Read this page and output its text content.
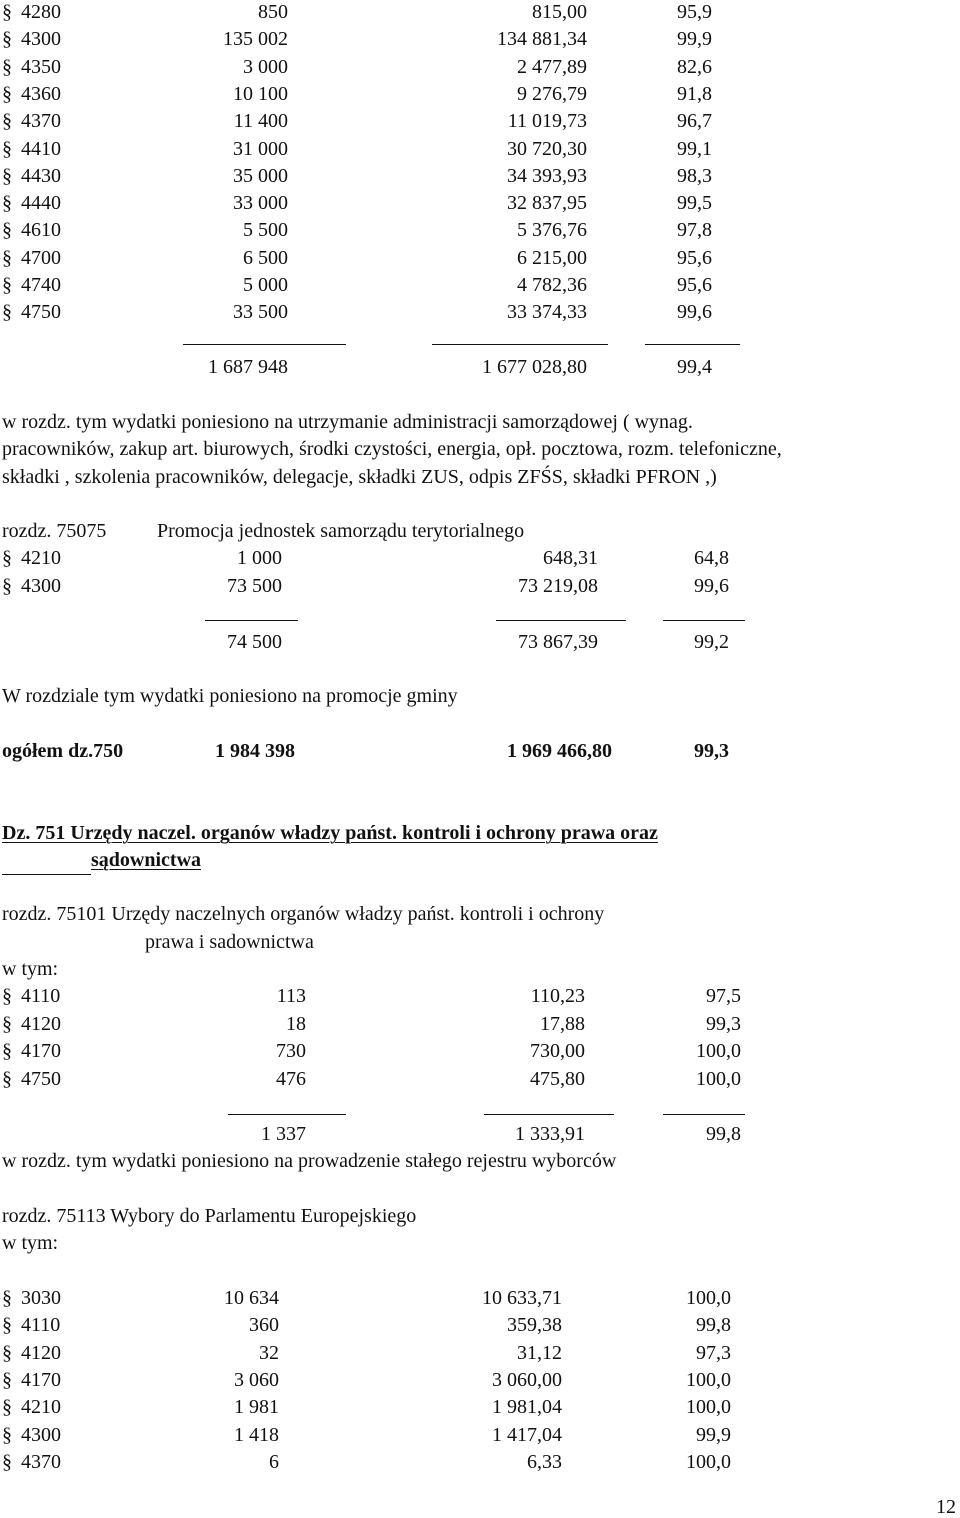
§ 4280	850	815,00	95,9
§ 4300	135 002	134 881,34	99,9
§ 4350	3 000	2 477,89	82,6
§ 4360	10 100	9 276,79	91,8
§ 4370	11 400	11 019,73	96,7
§ 4410	31 000	30 720,30	99,1
§ 4430	35 000	34 393,93	98,3
§ 4440	33 000	32 837,95	99,5
§ 4610	5 500	5 376,76	97,8
§ 4700	6 500	6 215,00	95,6
§ 4740	5 000	4 782,36	95,6
§ 4750	33 500	33 374,33	99,6
1 687 948	1 677 028,80	99,4
w rozdz. tym wydatki poniesiono na utrzymanie administracji samorządowej ( wynag.
pracowników, zakup art. biurowych, środki czystości, energia, opł. pocztowa, rozm. telefoniczne,
składki , szkolenia pracowników, delegacje, składki ZUS, odpis ZFŚS, składki PFRON ,)
rozdz. 75075	Promocja jednostek samorządu terytorialnego
§ 4210	1 000	648,31	64,8
§ 4300	73 500	73 219,08	99,6
74 500	73 867,39	99,2
W rozdziale tym wydatki poniesiono na promocje gminy
ogółem dz.750	1 984 398	1 969 466,80	99,3
Dz. 751 Urzędy naczel. organów władzy państ. kontroli i ochrony prawa oraz
sądownictwa
rozdz. 75101 Urzędy naczelnych organów władzy państ. kontroli i ochrony
prawa i sadownictwa
w tym:
§ 4110	113	110,23	97,5
§ 4120	18	17,88	99,3
§ 4170	730	730,00	100,0
§ 4750	476	475,80	100,0
1 337	1 333,91	99,8
w rozdz. tym wydatki poniesiono na prowadzenie stałego rejestru wyborców
rozdz. 75113 Wybory do Parlamentu Europejskiego
w tym:
§ 3030	10 634	10 633,71	100,0
§ 4110	360	359,38	99,8
§ 4120	32	31,12	97,3
§ 4170	3 060	3 060,00	100,0
§ 4210	1 981	1 981,04	100,0
§ 4300	1 418	1 417,04	99,9
§ 4370	6	6,33	100,0
12
